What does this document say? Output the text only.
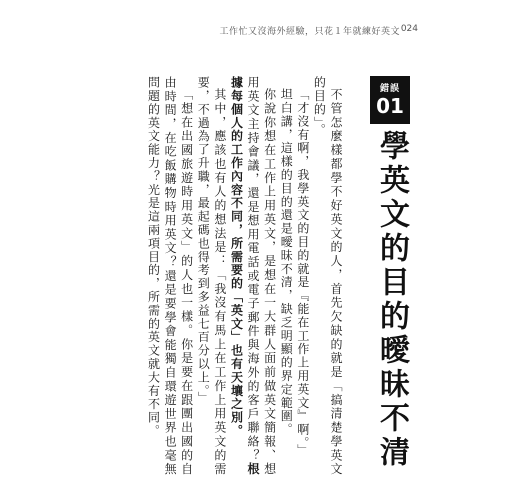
工作忙又沒海外經驗，只花１年就練好英文 024
錯誤
01
學英文的目的曖昧不清

不管怎麼樣都學不好英文的人，首先欠缺的就是「搞清楚學英文的目的」。

「才沒有啊，我學英文的目的就是『能在工作上用英文』啊。」

坦白講，這樣的目的還是曖昧不清，缺乏明顯的界定範圍。

你說你想在工作上用英文，是想在一大群人面前做英文簡報、想用英文主持會議，還是想用電話或電子郵件與海外的客戶聯絡？根據每個人的工作內容不同，所需要的「英文」也有天壤之別。

其中，應該也有人的想法是：「我沒有馬上在工作上用英文的需要，不過為了升職，最起碼也得考到多益七百分以上。」

「想在出國旅遊時用英文」的人也一樣。你是要在跟團出國的自由時間，在吃飯購物時用英文？還是要學會能獨自環遊世界也毫無問題的英文能力？光是這兩項目的，所需的英文就大有不同。
